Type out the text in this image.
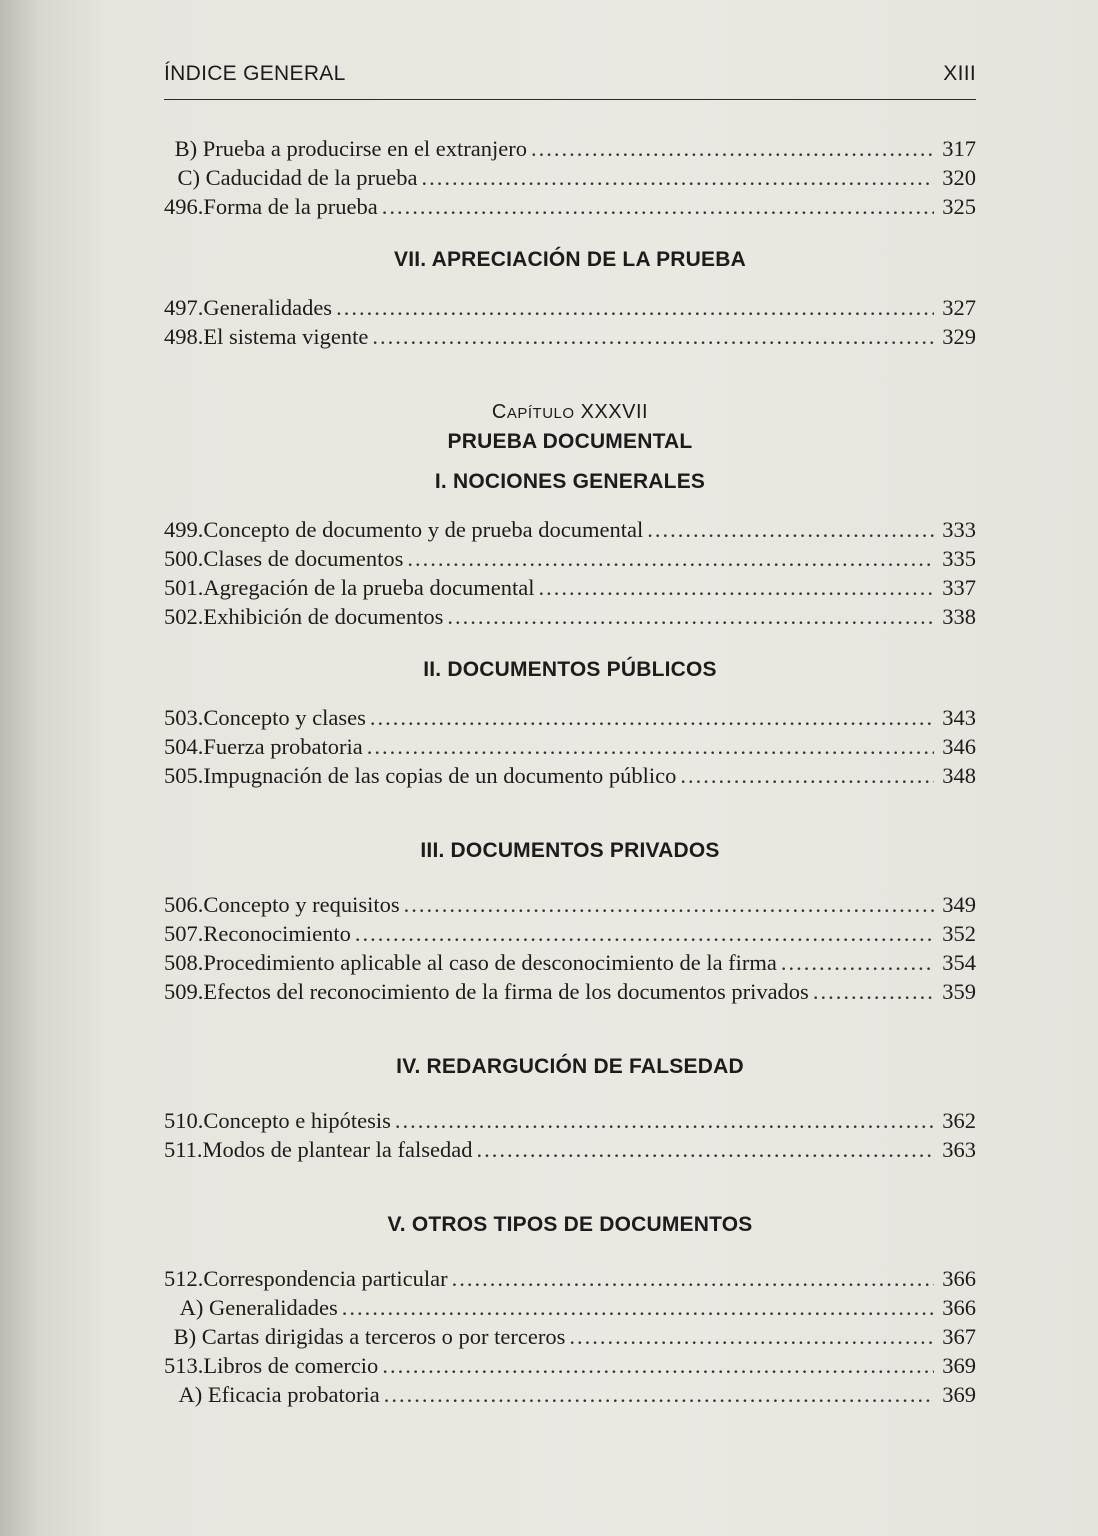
ÍNDICE GENERAL	XIII
B) Prueba a producirse en el extranjero .....	317
C) Caducidad de la prueba .....	320
496. Forma de la prueba .....	325
VII. APRECIACIÓN DE LA PRUEBA
497. Generalidades .....	327
498. El sistema vigente .....	329
CAPÍTULO XXXVII
PRUEBA DOCUMENTAL
I. NOCIONES GENERALES
499. Concepto de documento y de prueba documental .....	333
500. Clases de documentos .....	335
501. Agregación de la prueba documental .....	337
502. Exhibición de documentos .....	338
II. DOCUMENTOS PÚBLICOS
503. Concepto y clases .....	343
504. Fuerza probatoria .....	346
505. Impugnación de las copias de un documento público .....	348
III. DOCUMENTOS PRIVADOS
506. Concepto y requisitos .....	349
507. Reconocimiento .....	352
508. Procedimiento aplicable al caso de desconocimiento de la firma .....	354
509. Efectos del reconocimiento de la firma de los documentos privados .....	359
IV. REDARGUCIÓN DE FALSEDAD
510. Concepto e hipótesis .....	362
511. Modos de plantear la falsedad .....	363
V. OTROS TIPOS DE DOCUMENTOS
512. Correspondencia particular .....	366
A) Generalidades .....	366
B) Cartas dirigidas a terceros o por terceros .....	367
513. Libros de comercio .....	369
A) Eficacia probatoria .....	369
